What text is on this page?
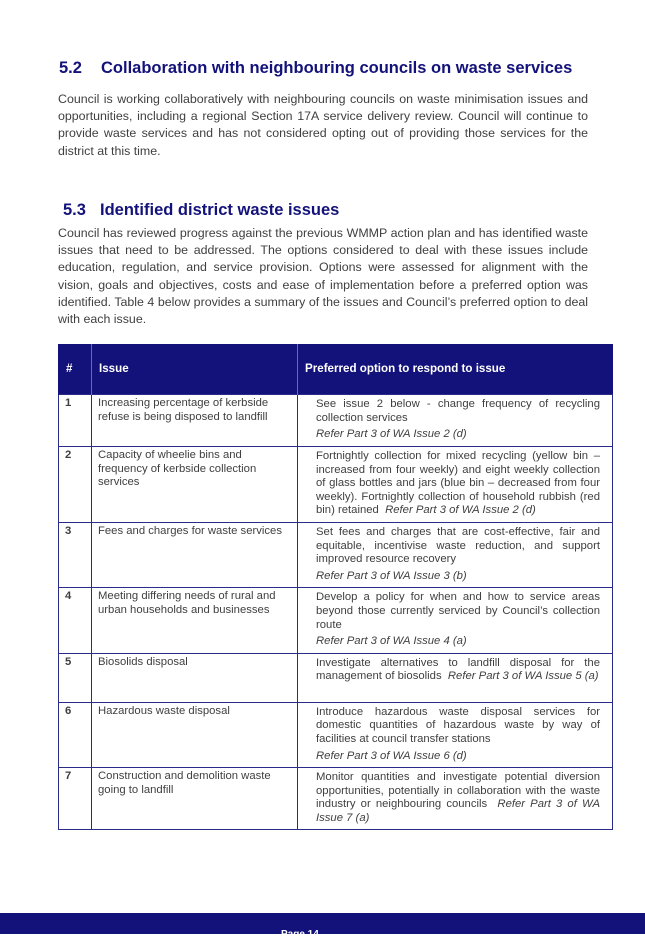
5.2 Collaboration with neighbouring councils on waste services

Council is working collaboratively with neighbouring councils on waste minimisation issues and opportunities, including a regional Section 17A service delivery review. Council will continue to provide waste services and has not considered opting out of providing those services for the district at this time.

5.3 Identified district waste issues

Council has reviewed progress against the previous WMMP action plan and has identified waste issues that need to be addressed. The options considered to deal with these issues include education, regulation, and service provision. Options were assessed for alignment with the vision, goals and objectives, costs and ease of implementation before a preferred option was identified. Table 4 below provides a summary of the issues and Council’s preferred option to deal with each issue.

#	Issue	Preferred option to respond to issue
1	Increasing percentage of kerbside refuse is being disposed to landfill	See issue 2 below - change frequency of recycling collection services

Refer Part 3 of WA Issue 2 (d)

2	Capacity of wheelie bins and frequency of kerbside collection services	Fortnightly collection for mixed recycling (yellow bin – increased from four weekly) and eight weekly collection of glass bottles and jars (blue bin – decreased from four weekly). Fortnightly collection of household rubbish (red bin) retained Refer Part 3 of WA Issue 2 (d)

3	Fees and charges for waste services	Set fees and charges that are cost-effective, fair and equitable, incentivise waste reduction, and support improved resource recovery

Refer Part 3 of WA Issue 3 (b)

4	Meeting differing needs of rural and urban households and businesses	Develop a policy for when and how to service areas beyond those currently serviced by Council’s collection route

Refer Part 3 of WA Issue 4 (a)

5	Biosolids disposal	Investigate alternatives to landfill disposal for the management of biosolids Refer Part 3 of WA Issue 5 (a)

6	Hazardous waste disposal	Introduce hazardous waste disposal services for domestic quantities of hazardous waste by way of facilities at council transfer stations

Refer Part 3 of WA Issue 6 (d)

7	Construction and demolition waste going to landfill	Monitor quantities and investigate potential diversion opportunities, potentially in collaboration with the waste industry or neighbouring councils Refer Part 3 of WA Issue 7 (a)

Page 14
